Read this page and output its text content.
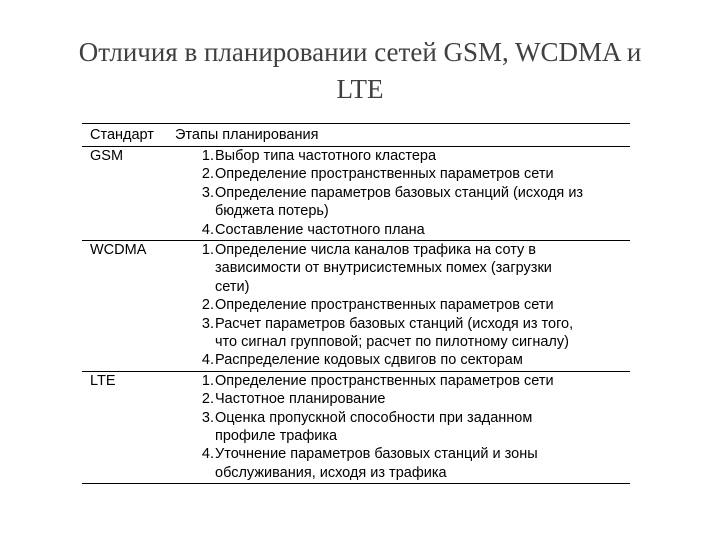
Отличия в планировании сетей GSM, WCDMA и
LTE
Стандарт Этапы планирования
GSM	1. Выбор типа частотного кластера
2. Определение пространственных параметров сети
3. Определение параметров базовых станций (исходя из
бюджета потерь)
4. Составление частотного плана
WCDMA	1. Определение числа каналов трафика на соту в
зависимости от внутрисистемных помех (загрузки
сети)
2. Определение пространственных параметров сети
3. Расчет параметров базовых станций (исходя из того,
что сигнал групповой; расчет по пилотному сигналу)
4. Распределение кодовых сдвигов по секторам
LTE	1. Определение пространственных параметров сети
2. Частотное планирование
3. Оценка пропускной способности при заданном
профиле трафика
4. Уточнение параметров базовых станций и зоны
обслуживания, исходя из трафика
